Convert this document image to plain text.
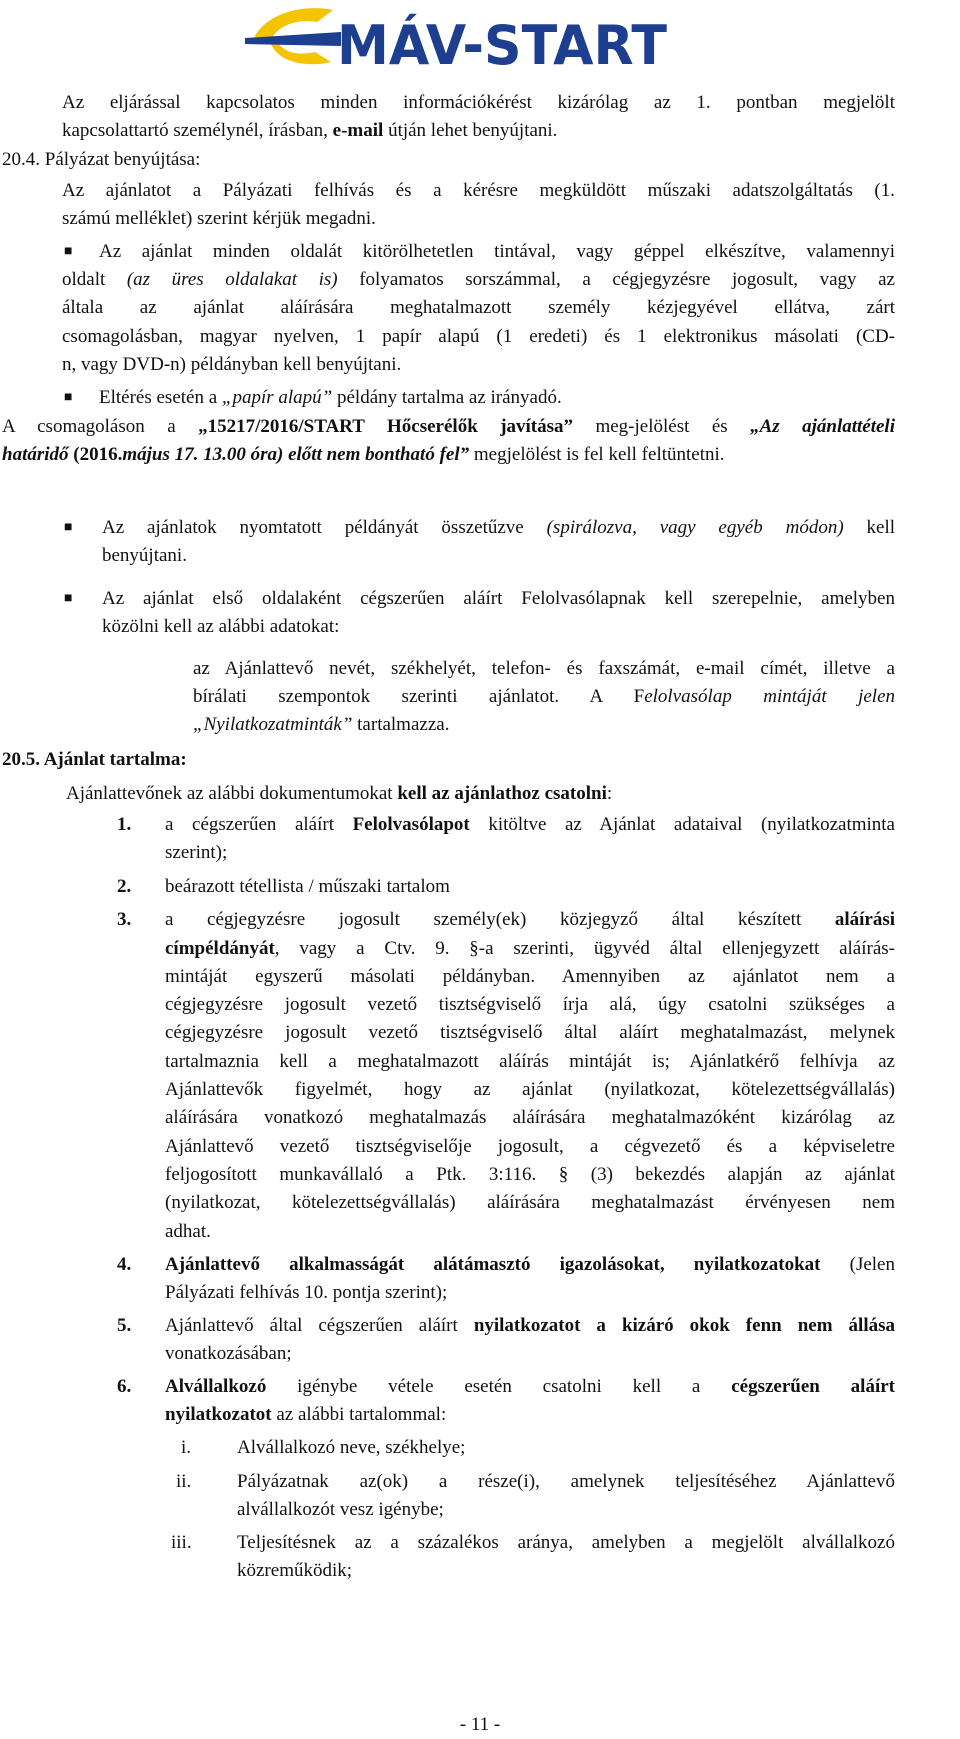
MÁV-START

Az eljárással kapcsolatos minden információkérést kizárólag az 1. pontban megjelölt

kapcsolattartó személynél, írásban, e-mail útján lehet benyújtani.

20.4. Pályázat benyújtása:

Az ajánlatot a Pályázati felhívás és a kérésre megküldött műszaki adatszolgáltatás (1.

számú melléklet) szerint kérjük megadni.

■ Az ajánlat minden oldalát kitörölhetetlen tintával, vagy géppel elkészítve, valamennyi

oldalt (az üres oldalakat is) folyamatos sorszámmal, a cégjegyzésre jogosult, vagy az

általa az ajánlat aláírására meghatalmazott személy kézjegyével ellátva, zárt

csomagolásban, magyar nyelven, 1 papír alapú (1 eredeti) és 1 elektronikus másolati (CD-

n, vagy DVD-n) példányban kell benyújtani.

■ Eltérés esetén a „papír alapú” példány tartalma az irányadó.

A csomagoláson a „15217/2016/START Hőcserélők javítása” meg-jelölést és „Az ajánlattételi

határidő (2016.május 17. 13.00 óra) előtt nem bontható fel” megjelölést is fel kell feltüntetni.

■ Az ajánlatok nyomtatott példányát összetűzve (spirálozva, vagy egyéb módon) kell

benyújtani.

■ Az ajánlat első oldalaként cégszerűen aláírt Felolvasólapnak kell szerepelnie, amelyben

közölni kell az alábbi adatokat:

az Ajánlattevő nevét, székhelyét, telefon- és faxszámát, e-mail címét, illetve a

bírálati szempontok szerinti ajánlatot. A Felolvasólap mintáját jelen

„Nyilatkozatminták” tartalmazza.

20.5. Ajánlat tartalma:

Ajánlattevőnek az alábbi dokumentumokat kell az ajánlathoz csatolni:

1. a cégszerűen aláírt Felolvasólapot kitöltve az Ajánlat adataival (nyilatkozatminta

szerint);

2. beárazott tétellista / műszaki tartalom

3. a cégjegyzésre jogosult személy(ek) közjegyző által készített aláírási

címpéldányát, vagy a Ctv. 9. §-a szerinti, ügyvéd által ellenjegyzett aláírás-

mintáját egyszerű másolati példányban. Amennyiben az ajánlatot nem a

cégjegyzésre jogosult vezető tisztségviselő írja alá, úgy csatolni szükséges a

cégjegyzésre jogosult vezető tisztségviselő által aláírt meghatalmazást, melynek

tartalmaznia kell a meghatalmazott aláírás mintáját is; Ajánlatkérő felhívja az

Ajánlattevők figyelmét, hogy az ajánlat (nyilatkozat, kötelezettségvállalás)

aláírására vonatkozó meghatalmazás aláírására meghatalmazóként kizárólag az

Ajánlattevő vezető tisztségviselője jogosult, a cégvezető és a képviseletre

feljogosított munkavállaló a Ptk. 3:116. § (3) bekezdés alapján az ajánlat

(nyilatkozat, kötelezettségvállalás) aláírására meghatalmazást érvényesen nem

adhat.

4. Ajánlattevő alkalmasságát alátámasztó igazolásokat, nyilatkozatokat (Jelen

Pályázati felhívás 10. pontja szerint);

5. Ajánlattevő által cégszerűen aláírt nyilatkozatot a kizáró okok fenn nem állása

vonatkozásában;

6. Alvállalkozó igénybe vétele esetén csatolni kell a cégszerűen aláírt

nyilatkozatot az alábbi tartalommal:

i. Alvállalkozó neve, székhelye;

ii. Pályázatnak az(ok) a része(i), amelynek teljesítéséhez Ajánlattevő

alvállalkozót vesz igénybe;

iii. Teljesítésnek az a százalékos aránya, amelyben a megjelölt alvállalkozó

közreműködik;

- 11 -
